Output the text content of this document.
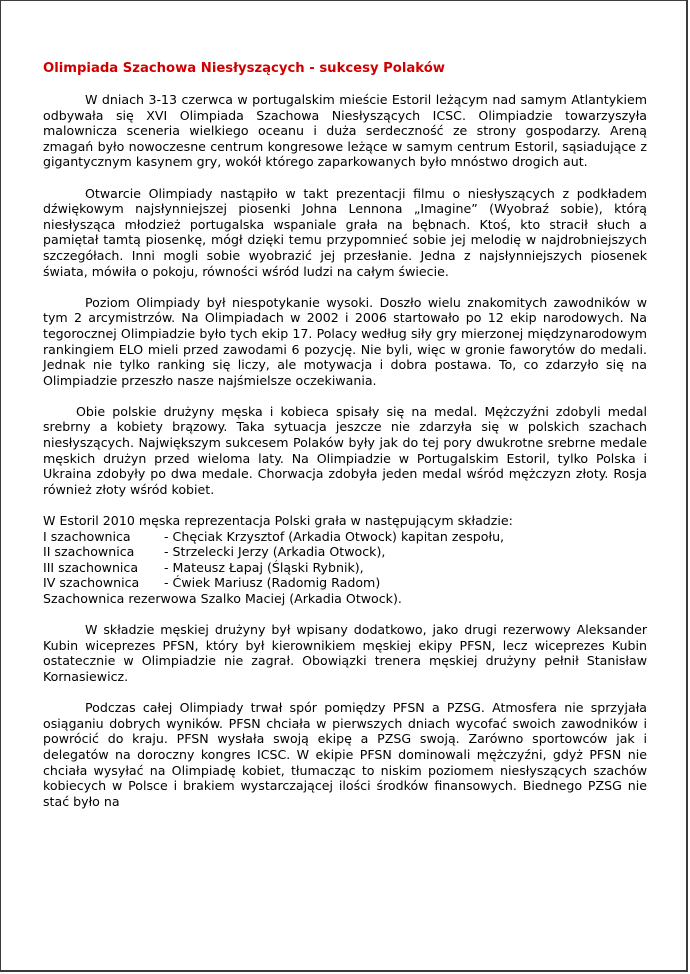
Olimpiada Szachowa Niesłyszących - sukcesy Polaków

W dniach 3-13 czerwca w portugalskim mieście Estoril leżącym nad samym Atlantykiem odbywała się XVI Olimpiada Szachowa Niesłyszących ICSC. Olimpiadzie towarzyszyła malownicza sceneria wielkiego oceanu i duża serdeczność ze strony gospodarzy. Areną zmagań było nowoczesne centrum kongresowe leżące w samym centrum Estoril, sąsiadujące z gigantycznym kasynem gry, wokół którego zaparkowanych było mnóstwo drogich aut.

Otwarcie Olimpiady nastąpiło w takt prezentacji filmu o niesłyszących z podkładem dźwiękowym najsłynniejszej piosenki Johna Lennona „Imagine” (Wyobraź sobie), którą niesłysząca młodzież portugalska wspaniale grała na bębnach. Ktoś, kto stracił słuch a pamiętał tamtą piosenkę, mógł dzięki temu przypomnieć sobie jej melodię w najdrobniejszych szczegółach. Inni mogli sobie wyobrazić jej przesłanie. Jedna z najsłynniejszych piosenek świata, mówiła o pokoju, równości wśród ludzi na całym świecie.

Poziom Olimpiady był niespotykanie wysoki. Doszło wielu znakomitych zawodników w tym 2 arcymistrzów. Na Olimpiadach w 2002 i 2006 startowało po 12 ekip narodowych. Na tegorocznej Olimpiadzie było tych ekip 17. Polacy według siły gry mierzonej międzynarodowym rankingiem ELO mieli przed zawodami 6 pozycję. Nie byli, więc w gronie faworytów do medali. Jednak nie tylko ranking się liczy, ale motywacja i dobra postawa. To, co zdarzyło się na Olimpiadzie przeszło nasze najśmielsze oczekiwania.

Obie polskie drużyny męska i kobieca spisały się na medal. Mężczyźni zdobyli medal srebrny a kobiety brązowy. Taka sytuacja jeszcze nie zdarzyła się w polskich szachach niesłyszących. Największym sukcesem Polaków były jak do tej pory dwukrotne srebrne medale męskich drużyn przed wieloma laty. Na Olimpiadzie w Portugalskim Estoril, tylko Polska i Ukraina zdobyły po dwa medale. Chorwacja zdobyła jeden medal wśród mężczyzn złoty. Rosja również złoty wśród kobiet.

W Estoril 2010 męska reprezentacja Polski grała w następującym składzie:
I szachownica	- Chęciak Krzysztof (Arkadia Otwock) kapitan zespołu,
II szachownica	- Strzelecki Jerzy (Arkadia Otwock),
III szachownica	- Mateusz Łapaj (Śląski Rybnik),
IV szachownica	- Ćwiek Mariusz (Radomig Radom)
Szachownica rezerwowa Szalko Maciej (Arkadia Otwock).

W składzie męskiej drużyny był wpisany dodatkowo, jako drugi rezerwowy Aleksander Kubin wiceprezes PFSN, który był kierownikiem męskiej ekipy PFSN, lecz wiceprezes Kubin ostatecznie w Olimpiadzie nie zagrał. Obowiązki trenera męskiej drużyny pełnił Stanisław Kornasiewicz.

Podczas całej Olimpiady trwał spór pomiędzy PFSN a PZSG. Atmosfera nie sprzyjała osiąganiu dobrych wyników. PFSN chciała w pierwszych dniach wycofać swoich zawodników i powrócić do kraju. PFSN wysłała swoją ekipę a PZSG swoją. Zarówno sportowców jak i delegatów na doroczny kongres ICSC. W ekipie PFSN dominowali mężczyźni, gdyż PFSN nie chciała wysyłać na Olimpiadę kobiet, tłumacząc to niskim poziomem niesłyszących szachów kobiecych w Polsce i brakiem wystarczającej ilości środków finansowych. Biednego PZSG nie stać było na
